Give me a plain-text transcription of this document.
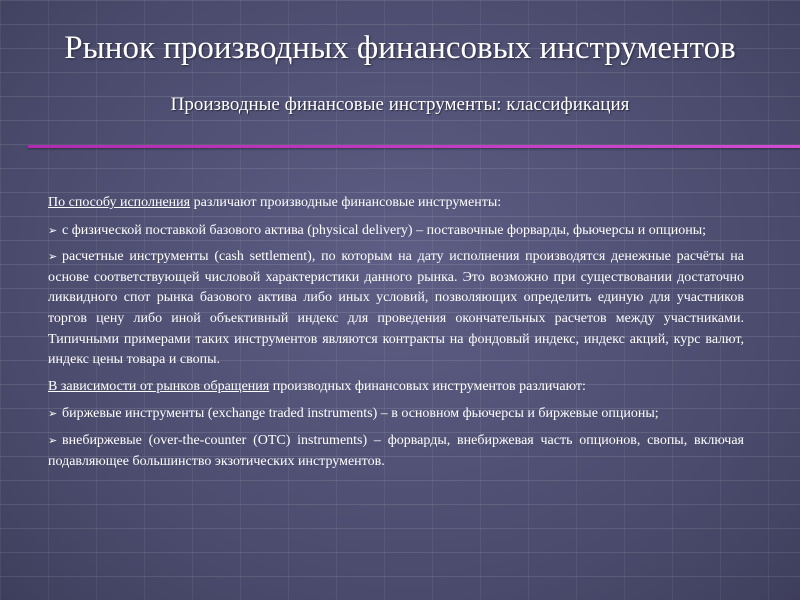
Рынок производных финансовых инструментов
Производные финансовые инструменты: классификация

По способу исполнения различают производные финансовые инструменты:

➢ с физической поставкой базового актива (physical delivery) – поставочные форварды, фьючерсы и опционы;

➢ расчетные инструменты (cash settlement), по которым на дату исполнения производятся денежные расчёты на основе соответствующей числовой характеристики данного рынка. Это возможно при существовании достаточно ликвидного спот рынка базового актива либо иных условий, позволяющих определить единую для участников торгов цену либо иной объективный индекс для проведения окончательных расчетов между участниками. Типичными примерами таких инструментов являются контракты на фондовый индекс, индекс акций, курс валют, индекс цены товара и свопы.

В зависимости от рынков обращения производных финансовых инструментов различают:

➢ биржевые инструменты (exchange traded instruments) – в основном фьючерсы и биржевые опционы;

➢ внебиржевые (over-the-counter (OTC) instruments) – форварды, внебиржевая часть опционов, свопы, включая подавляющее большинство экзотических инструментов.
